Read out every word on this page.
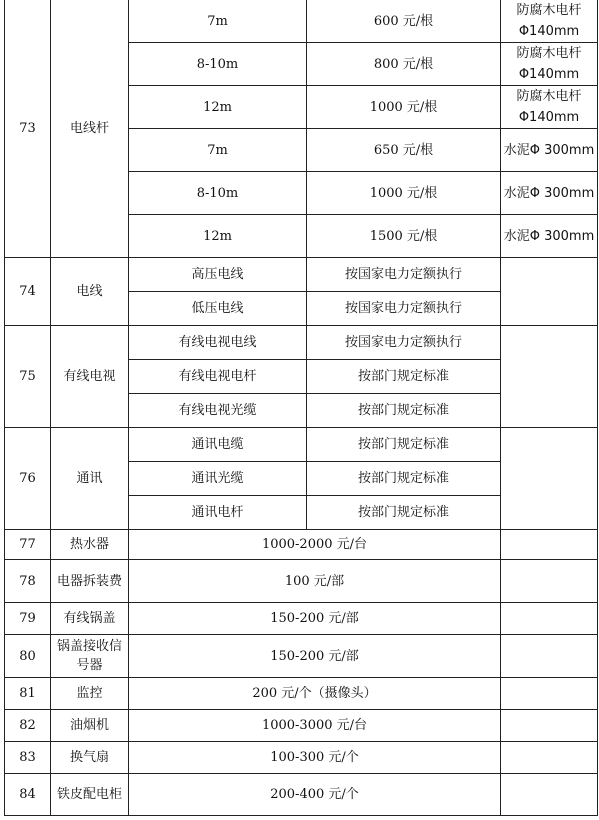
73	电线杆	7m	600 元/根	防腐木电杆 Φ140mm
		8-10m	800 元/根	防腐木电杆 Φ140mm
		12m	1000 元/根	防腐木电杆 Φ140mm
		7m	650 元/根	水泥Φ 300mm
		8-10m	1000 元/根	水泥Φ 300mm
		12m	1500 元/根	水泥Φ 300mm
74	电线	高压电线	按国家电力定额执行	
		低压电线	按国家电力定额执行	
75	有线电视	有线电视电线	按国家电力定额执行	
		有线电视电杆	按部门规定标准	
		有线电视光缆	按部门规定标准	
76	通讯	通讯电缆	按部门规定标准	
		通讯光缆	按部门规定标准	
		通讯电杆	按部门规定标准	
77	热水器	1000-2000 元/台		
78	电器拆装费	100 元/部		
79	有线锅盖	150-200 元/部		
80	锅盖接收信号器	150-200 元/部		
81	监控	200 元/个（摄像头）		
82	油烟机	1000-3000 元/台		
83	换气扇	100-300 元/个		
84	铁皮配电柜	200-400 元/个		
